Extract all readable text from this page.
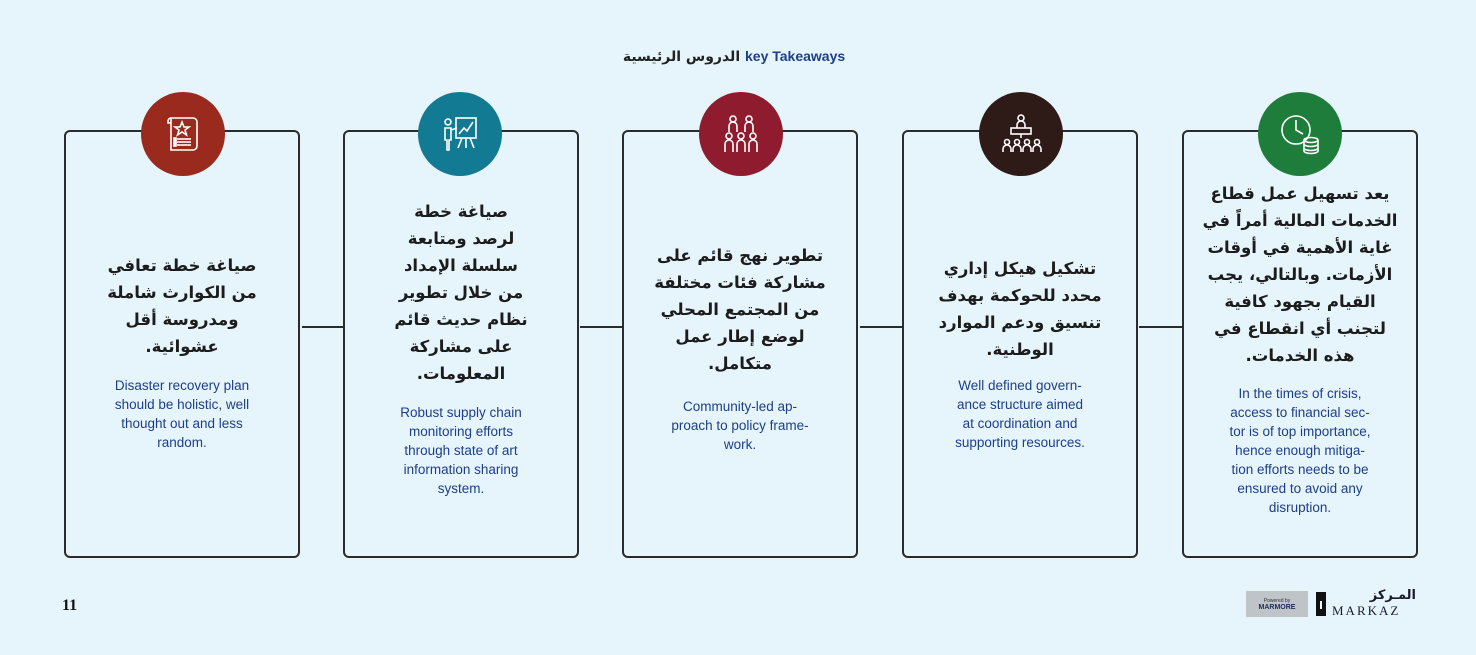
الدروس الرئيسية key Takeaways
صياغة خطة تعافي
من الكوارث شاملة
ومدروسة أقل
عشوائية.
Disaster recovery plan
should be holistic, well
thought out and less
random.
صياغة خطة
لرصد ومتابعة
سلسلة الإمداد
من خلال تطوير
نظام حديث قائم
على مشاركة
المعلومات.
Robust supply chain
monitoring efforts
through state of art
information sharing
system.
تطوير نهج قائم على
مشاركة فئات مختلفة
من المجتمع المحلي
لوضع إطار عمل
متكامل.
Community-led ap-
proach to policy frame-
work.
تشكيل هيكل إداري
محدد للحوكمة بهدف
تنسيق ودعم الموارد
الوطنية.
Well defined govern-
ance structure aimed
at coordination and
supporting resources.
يعد تسهيل عمل قطاع
الخدمات المالية أمراً في
غاية الأهمية في أوقات
الأزمات. وبالتالي، يجب
القيام بجهود كافية
لتجنب أي انقطاع في
هذه الخدمات.
In the times of crisis,
access to financial sec-
tor is of top importance,
hence enough mitiga-
tion efforts needs to be
ensured to avoid any
disruption.
11	Powered by
MARMORE
المـركز
MARKAZ
